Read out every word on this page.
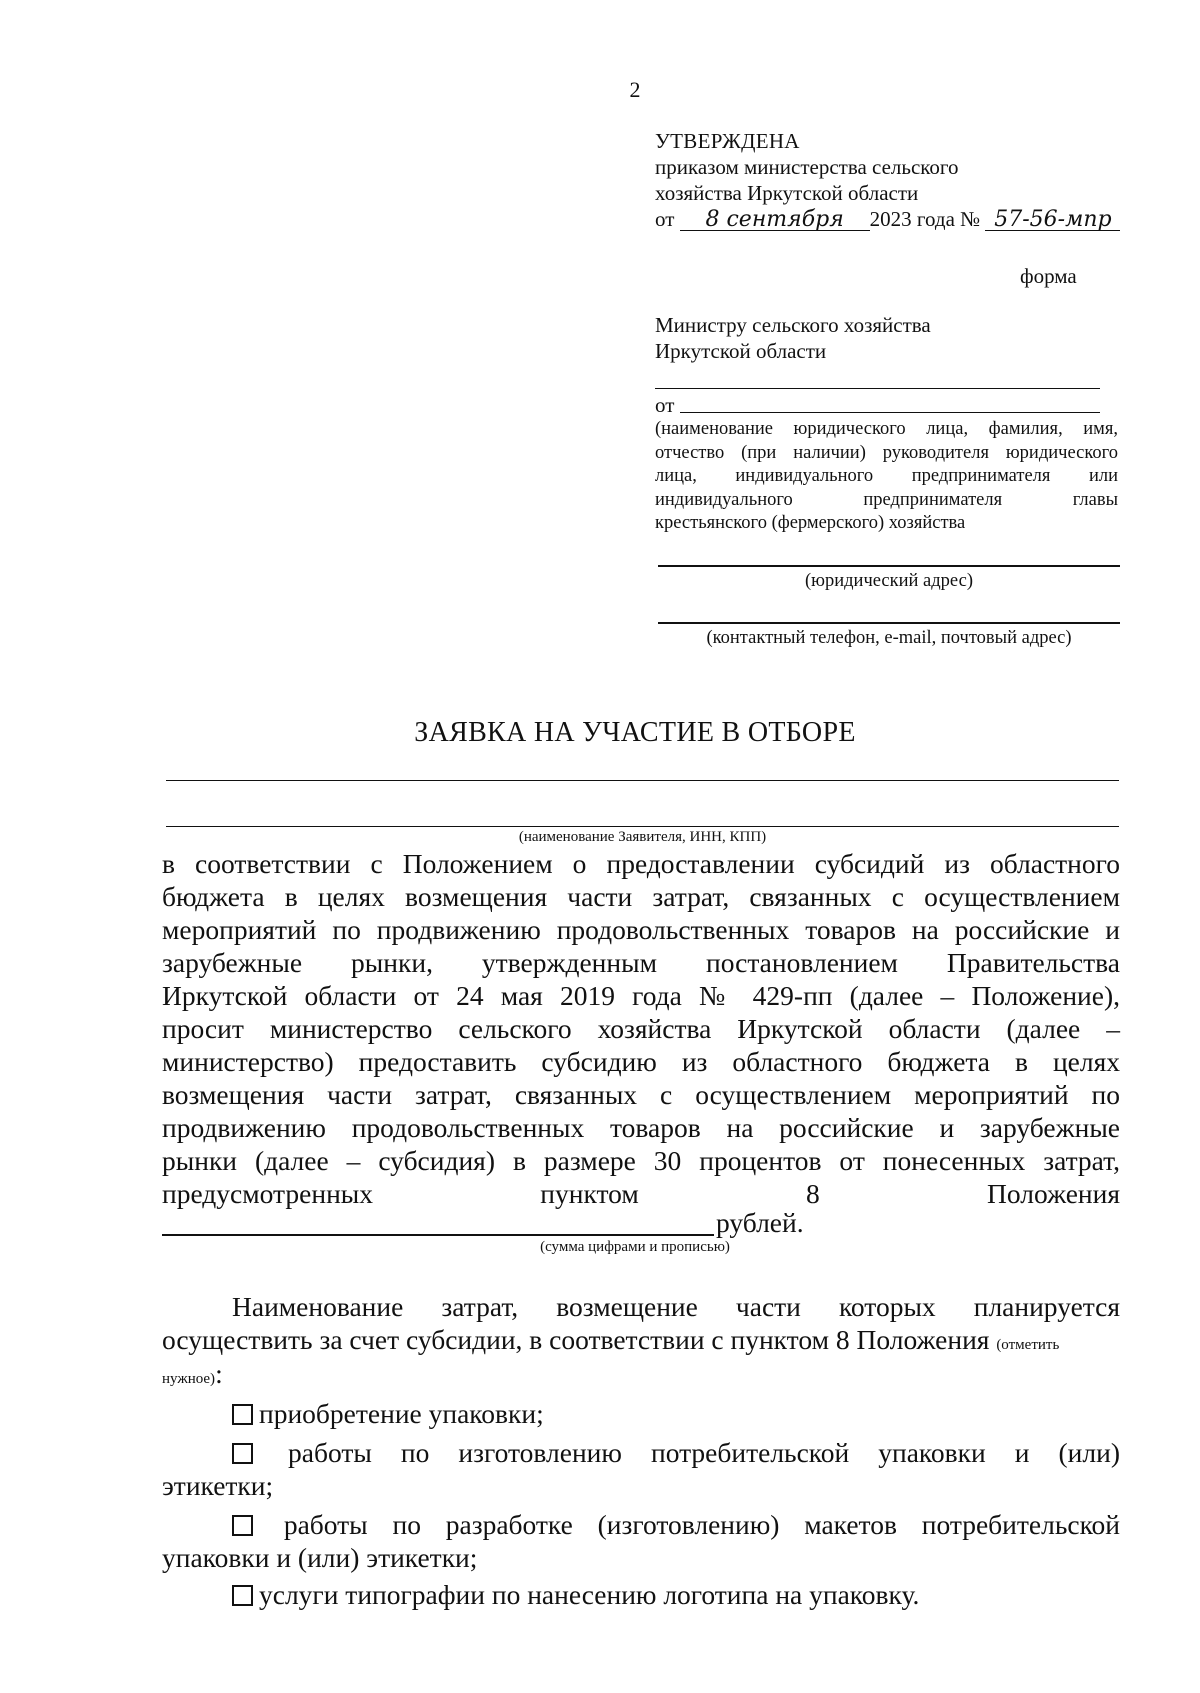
2
УТВЕРЖДЕНА
приказом министерства сельского
хозяйства Иркутской области
от 8 сентября 2023 года № 57-56-мпр
форма
Министру сельского хозяйства
Иркутской области
от
(наименование юридического лица, фамилия, имя,
отчество (при наличии) руководителя юридического
лица, индивидуального предпринимателя или
индивидуального предпринимателя главы
крестьянского (фермерского) хозяйства
(юридический адрес)
(контактный телефон, e-mail, почтовый адрес)
ЗАЯВКА НА УЧАСТИЕ В ОТБОРЕ
(наименование Заявителя, ИНН, КПП)
в соответствии с Положением о предоставлении субсидий из областного
бюджета в целях возмещения части затрат, связанных с осуществлением
мероприятий по продвижению продовольственных товаров на российские и
зарубежные рынки, утвержденным постановлением Правительства
Иркутской области от 24 мая 2019 года № 429-пп (далее – Положение),
просит министерство сельского хозяйства Иркутской области (далее –
министерство) предоставить субсидию из областного бюджета в целях
возмещения части затрат, связанных с осуществлением мероприятий по
продвижению продовольственных товаров на российские и зарубежные
рынки (далее – субсидия) в размере 30 процентов от понесенных затрат,
предусмотренных пунктом 8 Положения
рублей.
(сумма цифрами и прописью)
Наименование затрат, возмещение части которых планируется
осуществить за счет субсидии, в соответствии с пунктом 8 Положения (отметить
нужное):
приобретение упаковки;
работы по изготовлению потребительской упаковки и (или)
этикетки;
работы по разработке (изготовлению) макетов потребительской
упаковки и (или) этикетки;
услуги типографии по нанесению логотипа на упаковку.
